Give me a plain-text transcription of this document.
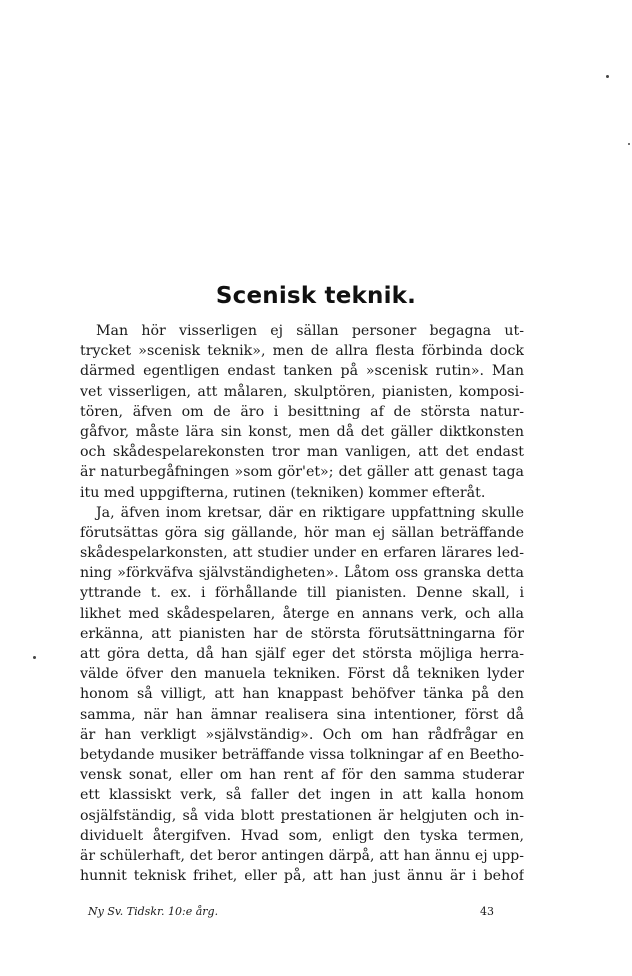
Scenisk teknik.
Man hör visserligen ej sällan personer begagna ut-
trycket »scenisk teknik», men de allra flesta förbinda dock
därmed egentligen endast tanken på »scenisk rutin». Man
vet visserligen, att målaren, skulptören, pianisten, komposi-
tören, äfven om de äro i besittning af de största natur-
gåfvor, måste lära sin konst, men då det gäller diktkonsten
och skådespelarekonsten tror man vanligen, att det endast
är naturbegåfningen »som gör'et»; det gäller att genast taga
itu med uppgifterna, rutinen (tekniken) kommer efteråt.
Ja, äfven inom kretsar, där en riktigare uppfattning skulle
förutsättas göra sig gällande, hör man ej sällan beträffande
skådespelarkonsten, att studier under en erfaren lärares led-
ning »förkväfva självständigheten». Låtom oss granska detta
yttrande t. ex. i förhållande till pianisten. Denne skall, i
likhet med skådespelaren, återge en annans verk, och alla
erkänna, att pianisten har de största förutsättningarna för
att göra detta, då han själf eger det största möjliga herra-
välde öfver den manuela tekniken. Först då tekniken lyder
honom så villigt, att han knappast behöfver tänka på den
samma, när han ämnar realisera sina intentioner, först då
är han verkligt »självständig». Och om han rådfrågar en
betydande musiker beträffande vissa tolkningar af en Beetho-
vensk sonat, eller om han rent af för den samma studerar
ett klassiskt verk, så faller det ingen in att kalla honom
osjälfständig, så vida blott prestationen är helgjuten och in-
dividuelt återgifven. Hvad som, enligt den tyska termen,
är schülerhaft, det beror antingen därpå, att han ännu ej upp-
hunnit teknisk frihet, eller på, att han just ännu är i behof
Ny Sv. Tidskr. 10:e årg.	43
